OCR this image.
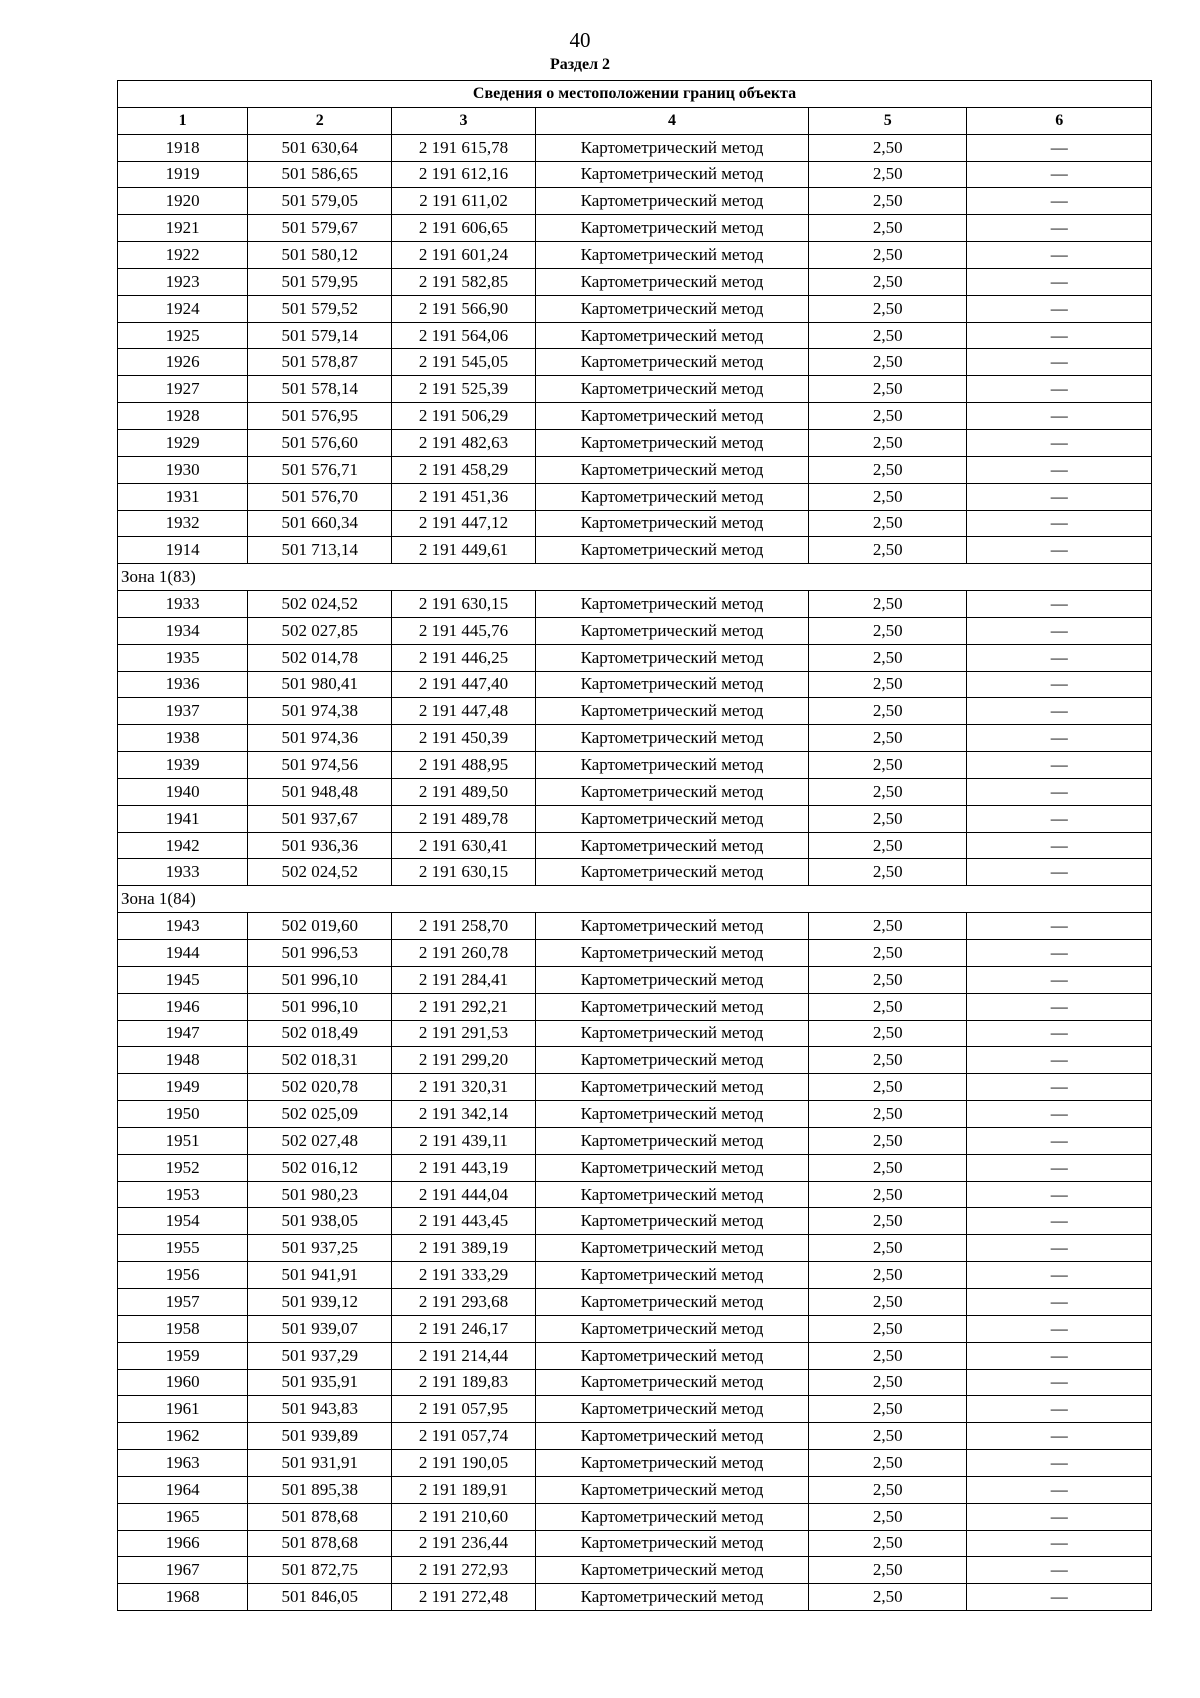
40
Раздел 2
Сведения о местоположении границ объекта					
1	2	3	4	5	6
1918	501 630,64	2 191 615,78	Картометрический метод	2,50	—
1919	501 586,65	2 191 612,16	Картометрический метод	2,50	—
1920	501 579,05	2 191 611,02	Картометрический метод	2,50	—
1921	501 579,67	2 191 606,65	Картометрический метод	2,50	—
1922	501 580,12	2 191 601,24	Картометрический метод	2,50	—
1923	501 579,95	2 191 582,85	Картометрический метод	2,50	—
1924	501 579,52	2 191 566,90	Картометрический метод	2,50	—
1925	501 579,14	2 191 564,06	Картометрический метод	2,50	—
1926	501 578,87	2 191 545,05	Картометрический метод	2,50	—
1927	501 578,14	2 191 525,39	Картометрический метод	2,50	—
1928	501 576,95	2 191 506,29	Картометрический метод	2,50	—
1929	501 576,60	2 191 482,63	Картометрический метод	2,50	—
1930	501 576,71	2 191 458,29	Картометрический метод	2,50	—
1931	501 576,70	2 191 451,36	Картометрический метод	2,50	—
1932	501 660,34	2 191 447,12	Картометрический метод	2,50	—
1914	501 713,14	2 191 449,61	Картометрический метод	2,50	—
Зона 1(83)					
1933	502 024,52	2 191 630,15	Картометрический метод	2,50	—
1934	502 027,85	2 191 445,76	Картометрический метод	2,50	—
1935	502 014,78	2 191 446,25	Картометрический метод	2,50	—
1936	501 980,41	2 191 447,40	Картометрический метод	2,50	—
1937	501 974,38	2 191 447,48	Картометрический метод	2,50	—
1938	501 974,36	2 191 450,39	Картометрический метод	2,50	—
1939	501 974,56	2 191 488,95	Картометрический метод	2,50	—
1940	501 948,48	2 191 489,50	Картометрический метод	2,50	—
1941	501 937,67	2 191 489,78	Картометрический метод	2,50	—
1942	501 936,36	2 191 630,41	Картометрический метод	2,50	—
1933	502 024,52	2 191 630,15	Картометрический метод	2,50	—
Зона 1(84)					
1943	502 019,60	2 191 258,70	Картометрический метод	2,50	—
1944	501 996,53	2 191 260,78	Картометрический метод	2,50	—
1945	501 996,10	2 191 284,41	Картометрический метод	2,50	—
1946	501 996,10	2 191 292,21	Картометрический метод	2,50	—
1947	502 018,49	2 191 291,53	Картометрический метод	2,50	—
1948	502 018,31	2 191 299,20	Картометрический метод	2,50	—
1949	502 020,78	2 191 320,31	Картометрический метод	2,50	—
1950	502 025,09	2 191 342,14	Картометрический метод	2,50	—
1951	502 027,48	2 191 439,11	Картометрический метод	2,50	—
1952	502 016,12	2 191 443,19	Картометрический метод	2,50	—
1953	501 980,23	2 191 444,04	Картометрический метод	2,50	—
1954	501 938,05	2 191 443,45	Картометрический метод	2,50	—
1955	501 937,25	2 191 389,19	Картометрический метод	2,50	—
1956	501 941,91	2 191 333,29	Картометрический метод	2,50	—
1957	501 939,12	2 191 293,68	Картометрический метод	2,50	—
1958	501 939,07	2 191 246,17	Картометрический метод	2,50	—
1959	501 937,29	2 191 214,44	Картометрический метод	2,50	—
1960	501 935,91	2 191 189,83	Картометрический метод	2,50	—
1961	501 943,83	2 191 057,95	Картометрический метод	2,50	—
1962	501 939,89	2 191 057,74	Картометрический метод	2,50	—
1963	501 931,91	2 191 190,05	Картометрический метод	2,50	—
1964	501 895,38	2 191 189,91	Картометрический метод	2,50	—
1965	501 878,68	2 191 210,60	Картометрический метод	2,50	—
1966	501 878,68	2 191 236,44	Картометрический метод	2,50	—
1967	501 872,75	2 191 272,93	Картометрический метод	2,50	—
1968	501 846,05	2 191 272,48	Картометрический метод	2,50	—
